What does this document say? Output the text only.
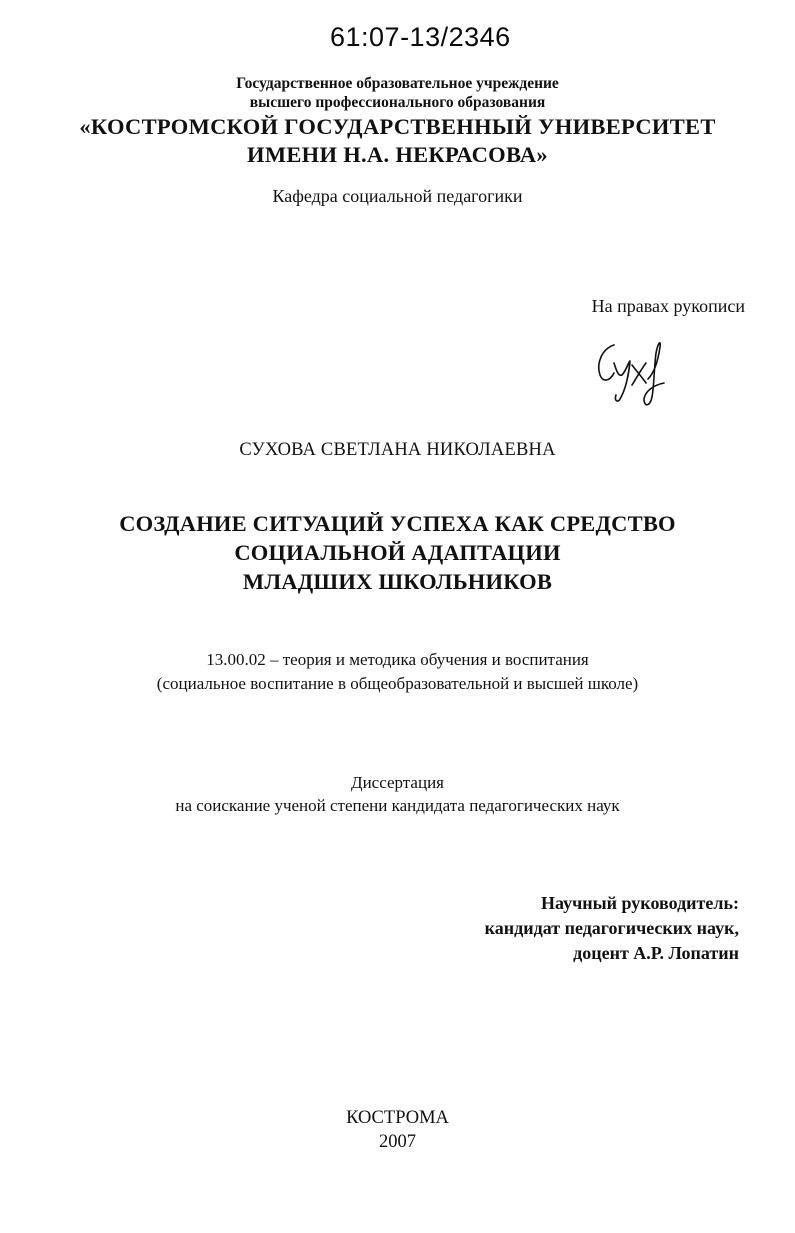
61:07-13/2346
Государственное образовательное учреждение
высшего профессионального образования
«КОСТРОМСКОЙ ГОСУДАРСТВЕННЫЙ УНИВЕРСИТЕТ
ИМЕНИ Н.А. НЕКРАСОВА»
Кафедра социальной педагогики
На правах рукописи
СУХОВА СВЕТЛАНА НИКОЛАЕВНА
СОЗДАНИЕ СИТУАЦИЙ УСПЕХА КАК СРЕДСТВО
СОЦИАЛЬНОЙ АДАПТАЦИИ
МЛАДШИХ ШКОЛЬНИКОВ
13.00.02 – теория и методика обучения и воспитания
(социальное воспитание в общеобразовательной и высшей школе)
Диссертация
на соискание ученой степени кандидата педагогических наук
Научный руководитель:
кандидат педагогических наук,
доцент А.Р. Лопатин
КОСТРОМА
2007
